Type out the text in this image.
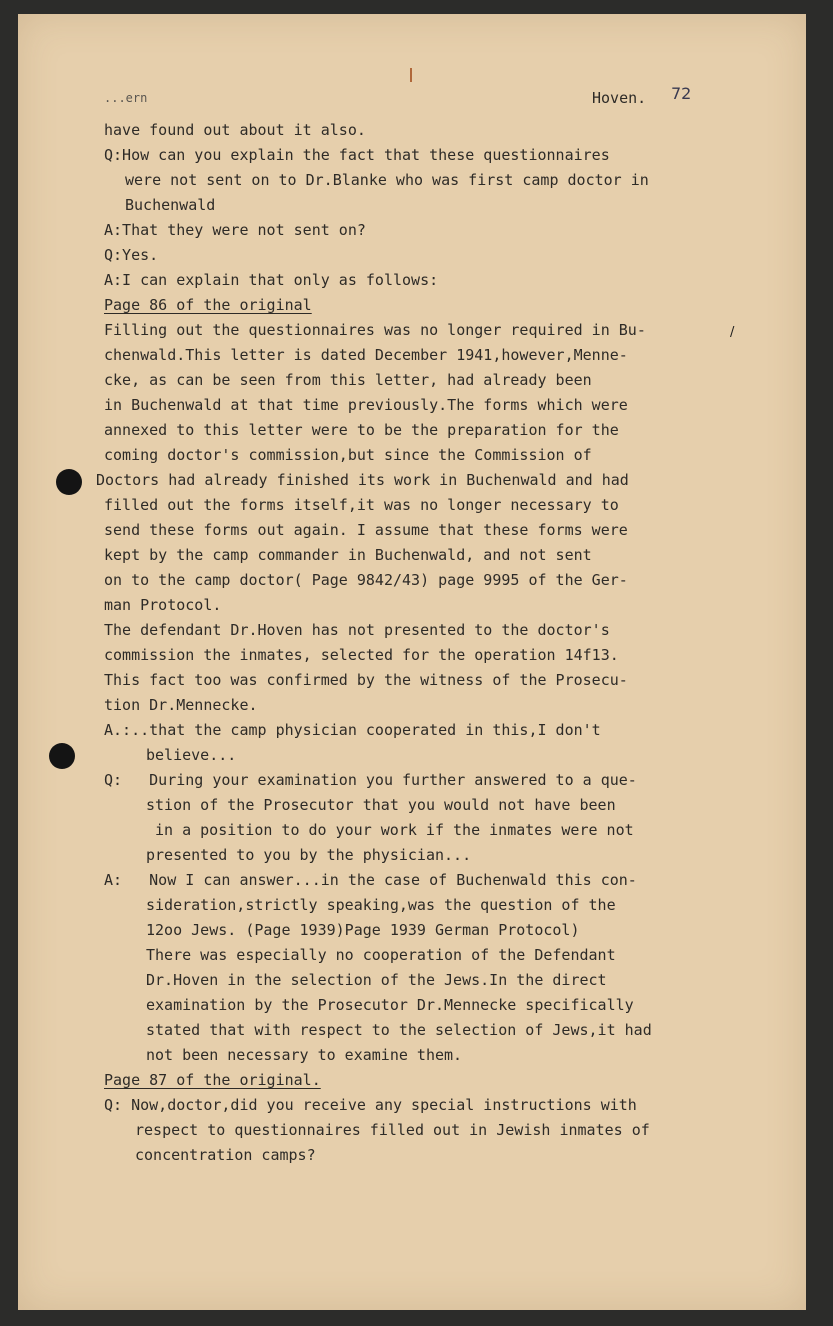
...ern	Hoven. 72
/
have found out about it also.
Q:How can you explain the fact that these questionnaires
were not sent on to Dr.Blanke who was first camp doctor in
Buchenwald
A:That they were not sent on?
Q:Yes.
A:I can explain that only as follows:
Page 86 of the original
Filling out the questionnaires was no longer required in Bu-
chenwald.This letter is dated December 1941,however,Menne-
cke, as can be seen from this letter, had already been
in Buchenwald at that time previously.The forms which were
annexed to this letter were to be the preparation for the
coming doctor's commission,but since the Commission of
Doctors had already finished its work in Buchenwald and had
filled out the forms itself,it was no longer necessary to
send these forms out again. I assume that these forms were
kept by the camp commander in Buchenwald, and not sent
on to the camp doctor( Page 9842/43) page 9995 of the Ger-
man Protocol.
The defendant Dr.Hoven has not presented to the doctor's
commission the inmates, selected for the operation 14f13.
This fact too was confirmed by the witness of the Prosecu-
tion Dr.Mennecke.
A.:..that the camp physician cooperated in this,I don't
believe...
Q:   During your examination you further answered to a que-
stion of the Prosecutor that you would not have been
in a position to do your work if the inmates were not
presented to you by the physician...
A:   Now I can answer...in the case of Buchenwald this con-
sideration,strictly speaking,was the question of the
12oo Jews. (Page 1939)Page 1939 German Protocol)
There was especially no cooperation of the Defendant
Dr.Hoven in the selection of the Jews.In the direct
examination by the Prosecutor Dr.Mennecke specifically
stated that with respect to the selection of Jews,it had
not been necessary to examine them.
Page 87 of the original.
Q: Now,doctor,did you receive any special instructions with
respect to questionnaires filled out in Jewish inmates of
concentration camps?
